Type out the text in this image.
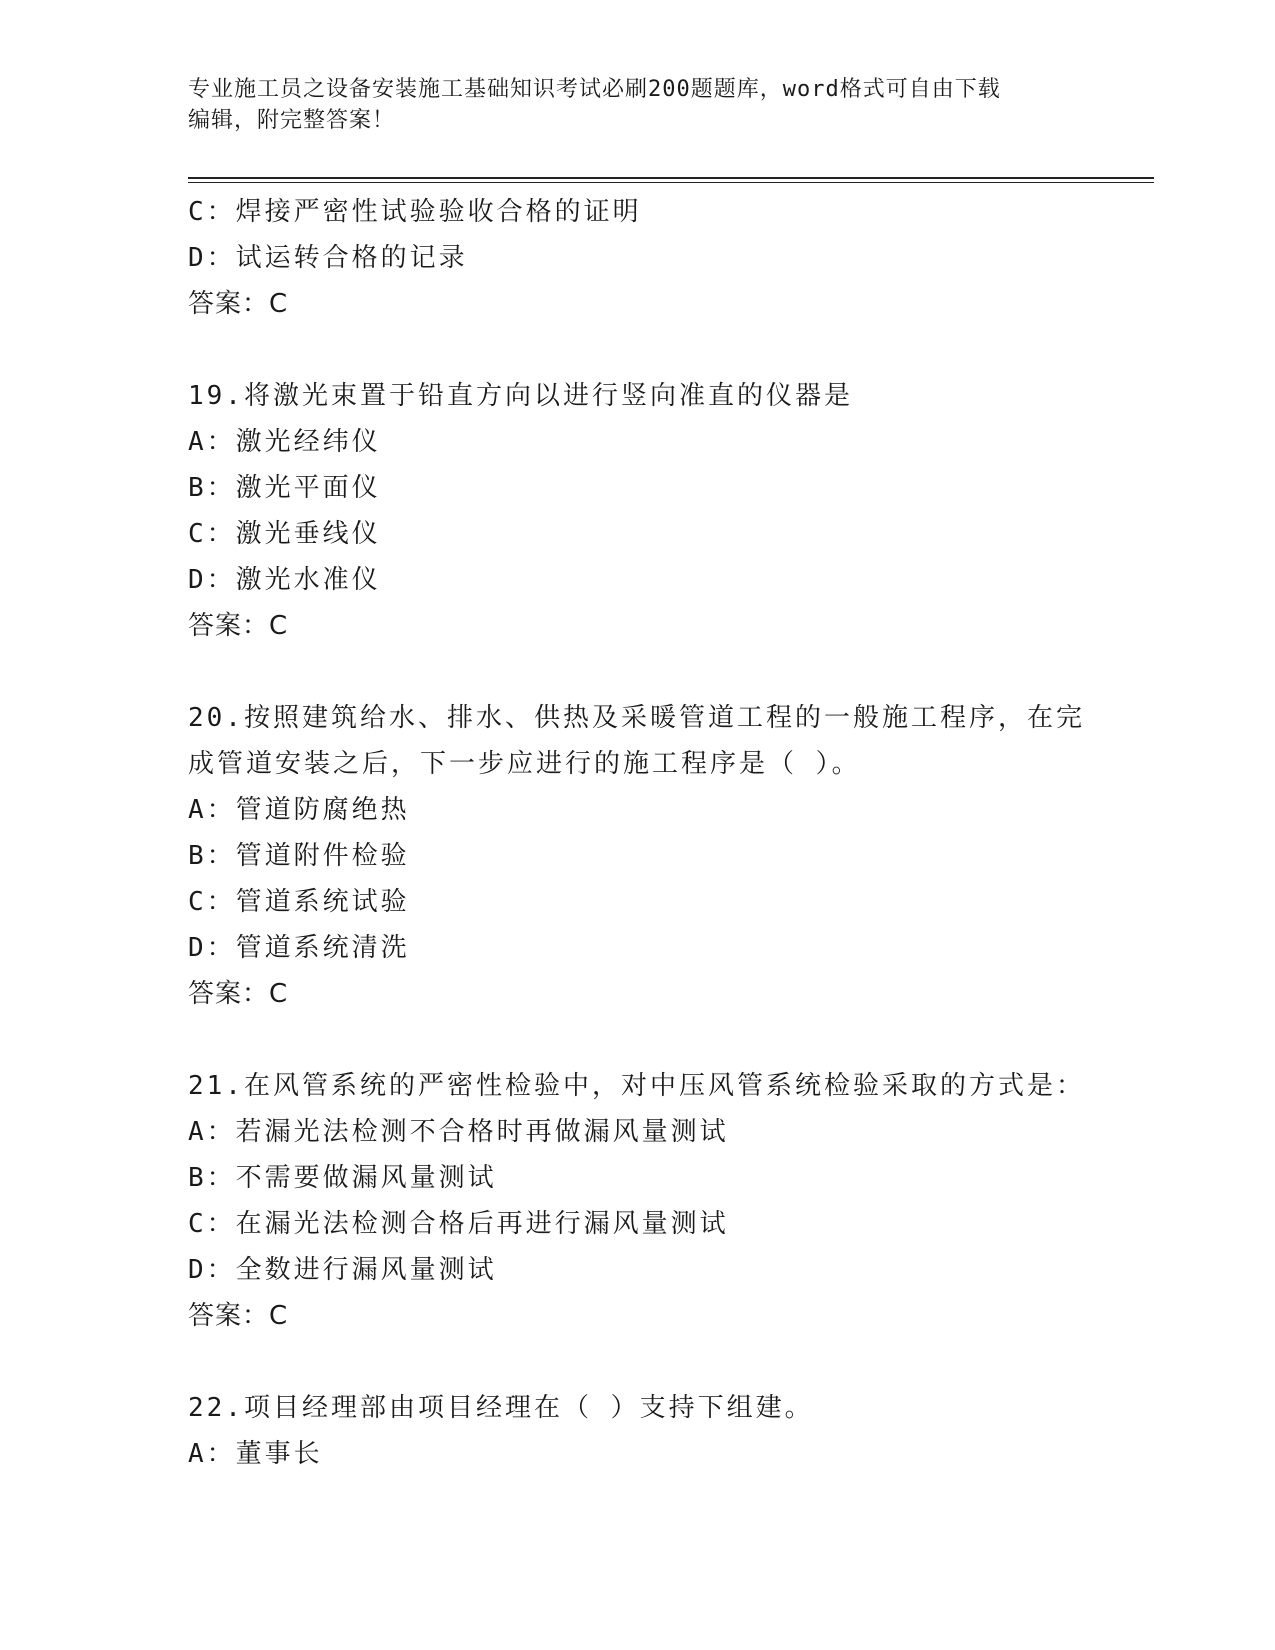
专业施工员之设备安装施工基础知识考试必刷200题题库，word格式可自由下载
编辑，附完整答案！
C：焊接严密性试验验收合格的证明
D：试运转合格的记录
答案：C
19.将激光束置于铅直方向以进行竖向准直的仪器是
A：激光经纬仪
B：激光平面仪
C：激光垂线仪
D：激光水准仪
答案：C
20.按照建筑给水、排水、供热及采暖管道工程的一般施工程序，在完
成管道安装之后，下一步应进行的施工程序是（ ）。
A：管道防腐绝热
B：管道附件检验
C：管道系统试验
D：管道系统清洗
答案：C
21.在风管系统的严密性检验中，对中压风管系统检验采取的方式是：
A：若漏光法检测不合格时再做漏风量测试
B：不需要做漏风量测试
C：在漏光法检测合格后再进行漏风量测试
D：全数进行漏风量测试
答案：C
22.项目经理部由项目经理在（ ）支持下组建。
A：董事长
